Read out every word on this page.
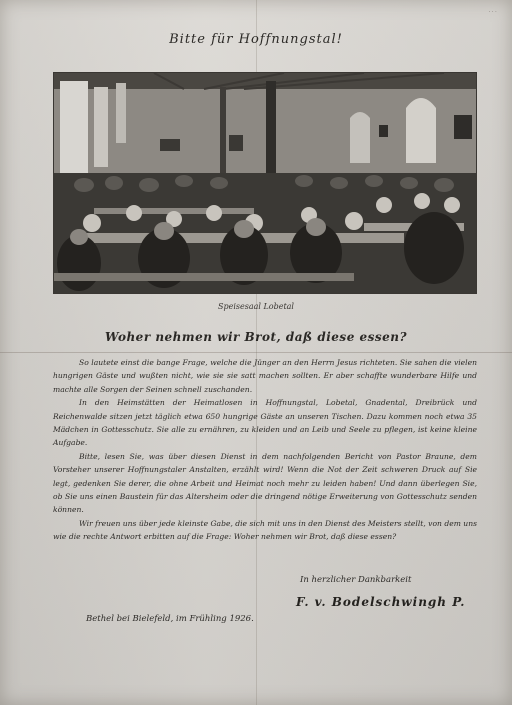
...
Bitte für Hoffnungstal!
Speisesaal Lobetal
Woher nehmen wir Brot, daß diese essen?

So lautete einst die bange Frage, welche die Jünger an den Herrn Jesus richteten. Sie sahen die vielen hungrigen Gäste und wußten nicht, wie sie sie satt machen sollten. Er aber schaffte wunderbare Hilfe und machte alle Sorgen der Seinen schnell zuschanden.

In den Heimstätten der Heimatlosen in Hoffnungstal, Lobetal, Gnadental, Dreibrück und Reichenwalde sitzen jetzt täglich etwa 650 hungrige Gäste an unseren Tischen. Dazu kommen noch etwa 35 Mädchen in Gottesschutz. Sie alle zu ernähren, zu kleiden und an Leib und Seele zu pflegen, ist keine kleine Aufgabe.

Bitte, lesen Sie, was über diesen Dienst in dem nachfolgenden Bericht von Pastor Braune, dem Vorsteher unserer Hoffnungstaler Anstalten, erzählt wird! Wenn die Not der Zeit schweren Druck auf Sie legt, gedenken Sie derer, die ohne Arbeit und Heimat noch mehr zu leiden haben! Und dann überlegen Sie, ob Sie uns einen Baustein für das Altersheim oder die dringend nötige Erweiterung von Gottesschutz senden können.

Wir freuen uns über jede kleinste Gabe, die sich mit uns in den Dienst des Meisters stellt, von dem uns wie die rechte Antwort erbitten auf die Frage: Woher nehmen wir Brot, daß diese essen?

In herzlicher Dankbarkeit
F. v. Bodelschwingh P.
Bethel bei Bielefeld, im Frühling 1926.
